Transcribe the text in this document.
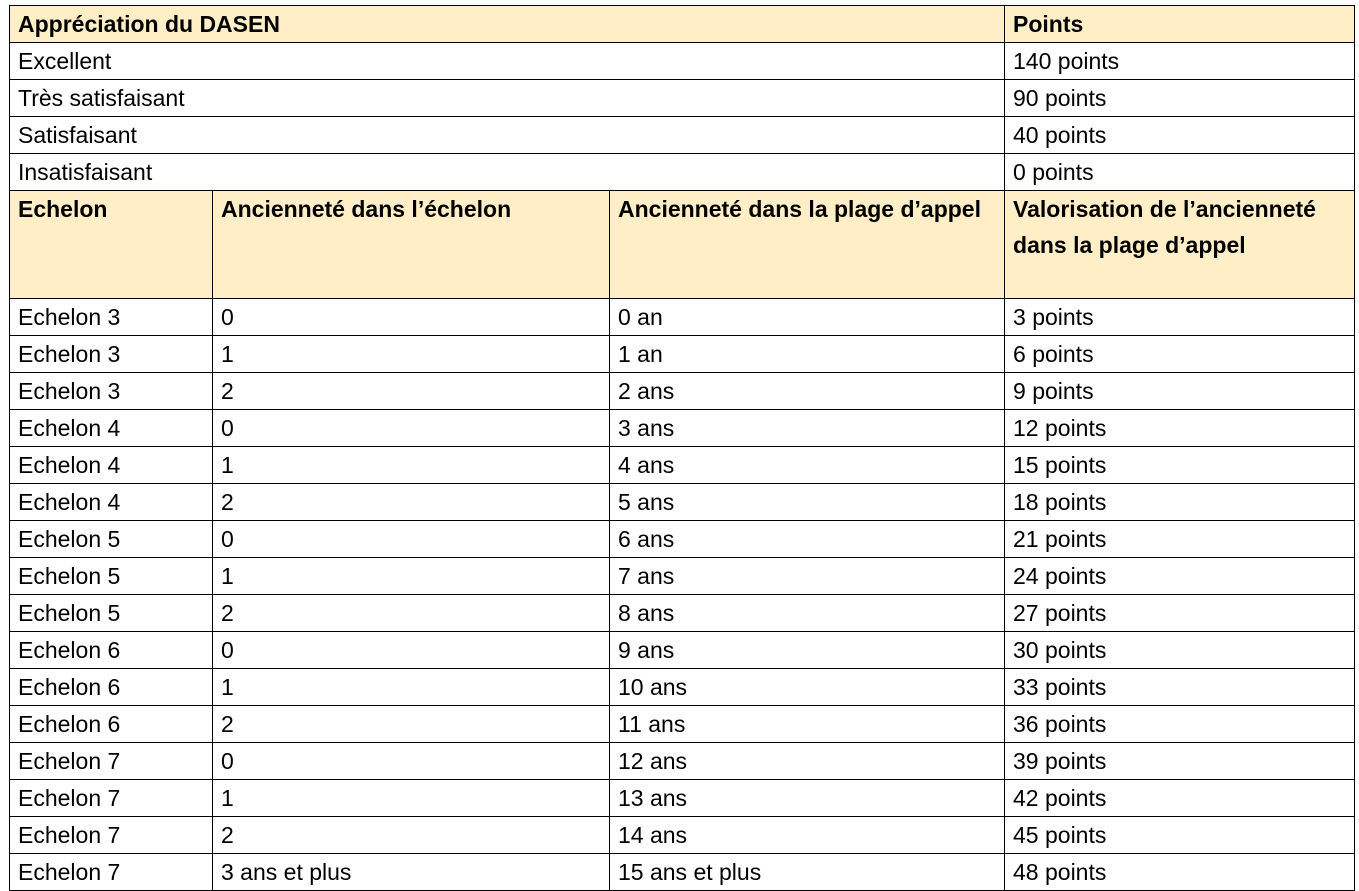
Appréciation du DASEN			Points
Excellent			140 points
Très satisfaisant			90 points
Satisfaisant			40 points
Insatisfaisant			0 points
Echelon	Ancienneté dans l’échelon	Ancienneté dans la plage d’appel	Valorisation de l’ancienneté dans la plage d’appel
Echelon 3	0	0 an	3 points
Echelon 3	1	1 an	6 points
Echelon 3	2	2 ans	9 points
Echelon 4	0	3 ans	12 points
Echelon 4	1	4 ans	15 points
Echelon 4	2	5 ans	18 points
Echelon 5	0	6 ans	21 points
Echelon 5	1	7 ans	24 points
Echelon 5	2	8 ans	27 points
Echelon 6	0	9 ans	30 points
Echelon 6	1	10 ans	33 points
Echelon 6	2	11 ans	36 points
Echelon 7	0	12 ans	39 points
Echelon 7	1	13 ans	42 points
Echelon 7	2	14 ans	45 points
Echelon 7	3 ans et plus	15 ans et plus	48 points
